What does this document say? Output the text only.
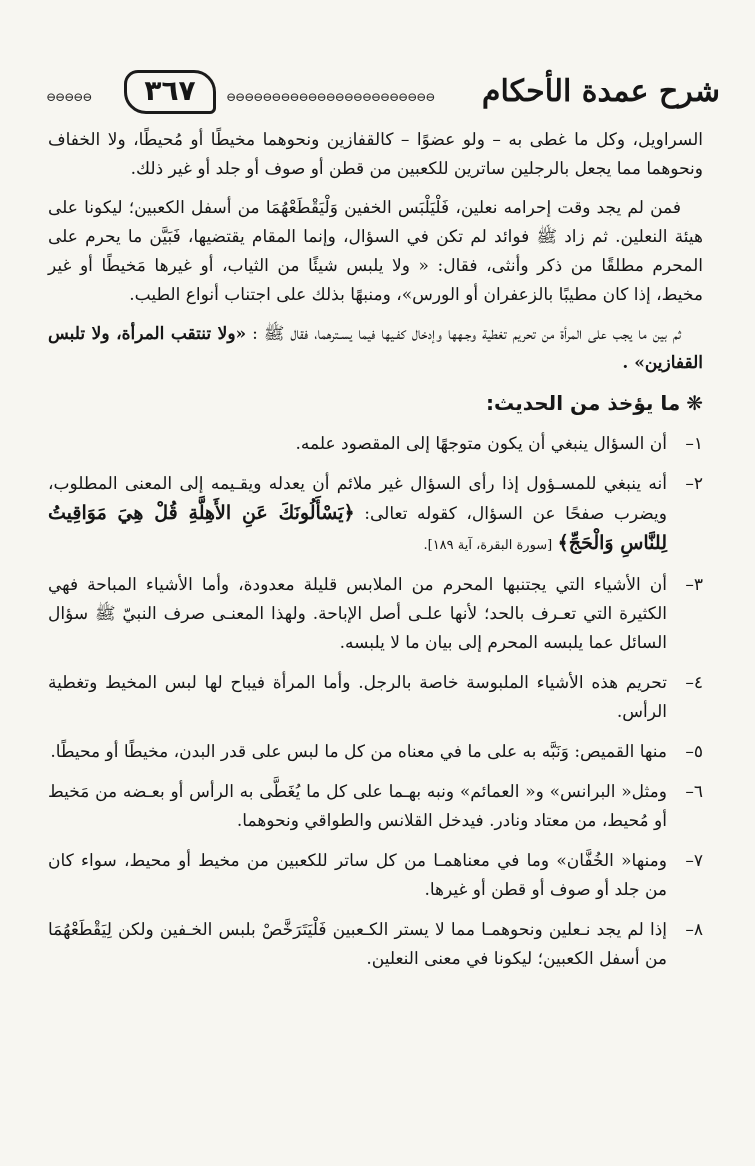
شرح عمدة الأحكام
⊖⊖⊖⊖⊖⊖⊖⊖⊖⊖⊖⊖⊖⊖⊖⊖⊖⊖⊖⊖⊖⊖⊖
٣٦٧
⊖⊖⊖⊖⊖

السراويل، وكل ما غطى به – ولو عضوًا – كالقفازين ونحوهما مخيطًا أو مُحيطًا، ولا الخفاف ونحوهما مما يجعل بالرجلين ساترين للكعبين من قطن أو صوف أو جلد أو غير ذلك.

فمن لم يجد وقت إحرامه نعلين، فَلْيَلْبَس الخفين وَلْيَقْطَعْهُمَا من أسفل الكعبين؛ ليكونا على هيئة النعلين. ثم زاد ﷺ فوائد لم تكن في السؤال، وإنما المقام يقتضيها، فَبَيَّن ما يحرم على المحرم مطلقًا من ذكر وأنثى، فقال: « ولا يلبس شيئًا من الثياب، أو غيرها مَخيطًا أو غير مخيط، إذا كان مطيبًا بالزعفران أو الورس»، ومنبهًا بذلك على اجتناب أنواع الطيب.

ثم بين ما يجب على المرأة من تحريم تغطية وجـهها وإدخال كفـيها فيما يسـترهما، فقال ﷺ : «ولا تنتقب المرأة، ولا تلبس القفازين» .

❋ما يؤخذ من الحديث:
١–
أن السؤال ينبغي أن يكون متوجهًا إلى المقصود علمه.
٢–
أنه ينبغي للمسـؤول إذا رأى السؤال غير ملائم أن يعدله ويقـيمه إلى المعنى المطلوب، ويضرب صفحًا عن السؤال، كقوله تعالى: ﴿يَسْأَلُونَكَ عَنِ الأَهِلَّةِ قُلْ هِيَ مَوَاقِيتُ لِلنَّاسِ وَالْحَجِّ﴾ [سورة البقرة، آية ١٨٩].
٣–
أن الأشياء التي يجتنبها المحرم من الملابس قليلة معدودة، وأما الأشياء المباحة فهي الكثيرة التي تعـرف بالحد؛ لأنها علـى أصل الإباحة. ولهذا المعنـى صرف النبيّ ﷺ سؤال السائل عما يلبسه المحرم إلى بيان ما لا يلبسه.
٤–
تحريم هذه الأشياء الملبوسة خاصة بالرجل. وأما المرأة فيباح لها لبس المخيط وتغطية الرأس.
٥–
منها القميص: وَنَبَّه به على ما في معناه من كل ما لبس على قدر البدن، مخيطًا أو محيطًا.
٦–
ومثل« البرانس» و« العمائم» ونبه بهـما على كل ما يُغَطَّى به الرأس أو بعـضه من مَخيط أو مُحيط، من معتاد ونادر. فيدخل القلانس والطواقي ونحوهما.
٧–
ومنها« الخُفَّان» وما في معناهمـا من كل ساتر للكعبين من مخيط أو محيط، سواء كان من جلد أو صوف أو قطن أو غيرها.
٨–
إذا لم يجد نـعلين ونحوهمـا مما لا يستر الكـعبين فَلْيَتَرَخَّصْ بلبس الخـفين ولكن لِيَقْطَعْهُمَا من أسفل الكعبين؛ ليكونا في معنى النعلين.
